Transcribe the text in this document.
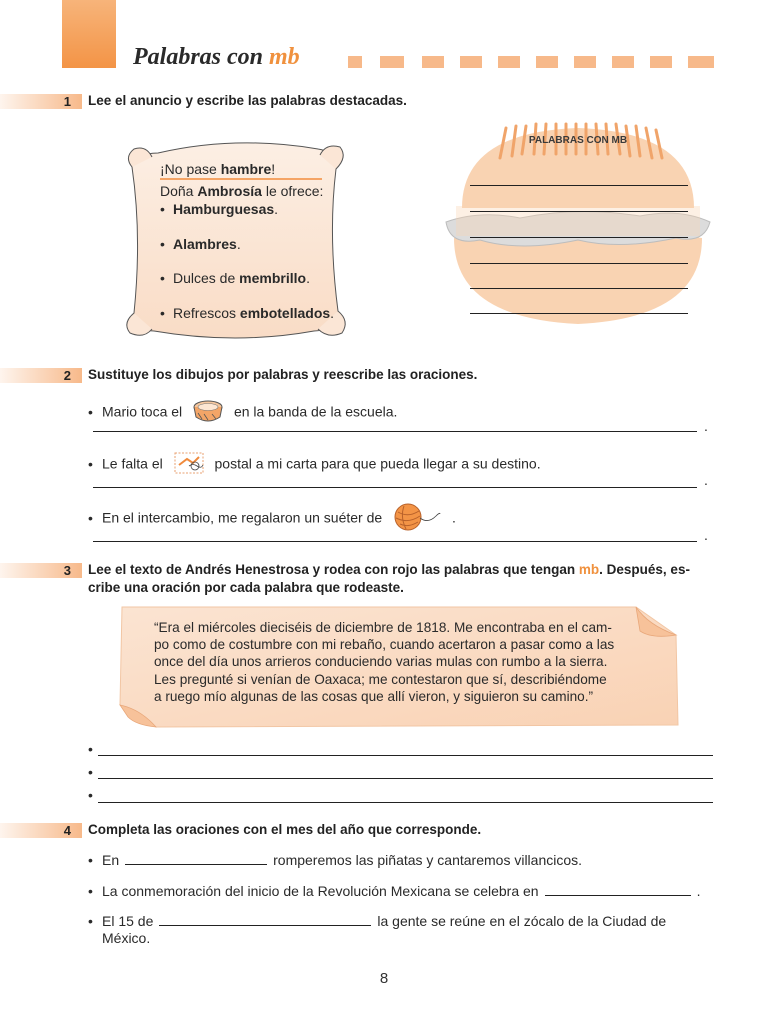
Palabras con mb
1 Lee el anuncio y escribe las palabras destacadas.
¡No pase hambre!
Doña Ambrosía le ofrece:
• Hamburguesas.
• Alambres.
• Dulces de membrillo.
• Refrescos embotellados.
PALABRAS CON MB
2 Sustituye los dibujos por palabras y reescribe las oraciones.
• Mario toca el	en la banda de la escuela.
.
• Le falta el	postal a mi carta para que pueda llegar a su destino.
.
• En el intercambio, me regalaron un suéter de	.
.
3 Lee el texto de Andrés Henestrosa y rodea con rojo las palabras que tengan mb. Después, es-
cribe una oración por cada palabra que rodeaste.
“Era el miércoles dieciséis de diciembre de 1818. Me encontraba en el cam-
po como de costumbre con mi rebaño, cuando acertaron a pasar como a las
once del día unos arrieros conduciendo varias mulas con rumbo a la sierra.
Les pregunté si venían de Oaxaca; me contestaron que sí, describiéndome
a ruego mío algunas de las cosas que allí vieron, y siguieron su camino.”
•
•
•
4 Completa las oraciones con el mes del año que corresponde.
• En	romperemos las piñatas y cantaremos villancicos.
• La conmemoración del inicio de la Revolución Mexicana se celebra en	.
• El 15 de	la gente se reúne en el zócalo de la Ciudad de
México.
8
